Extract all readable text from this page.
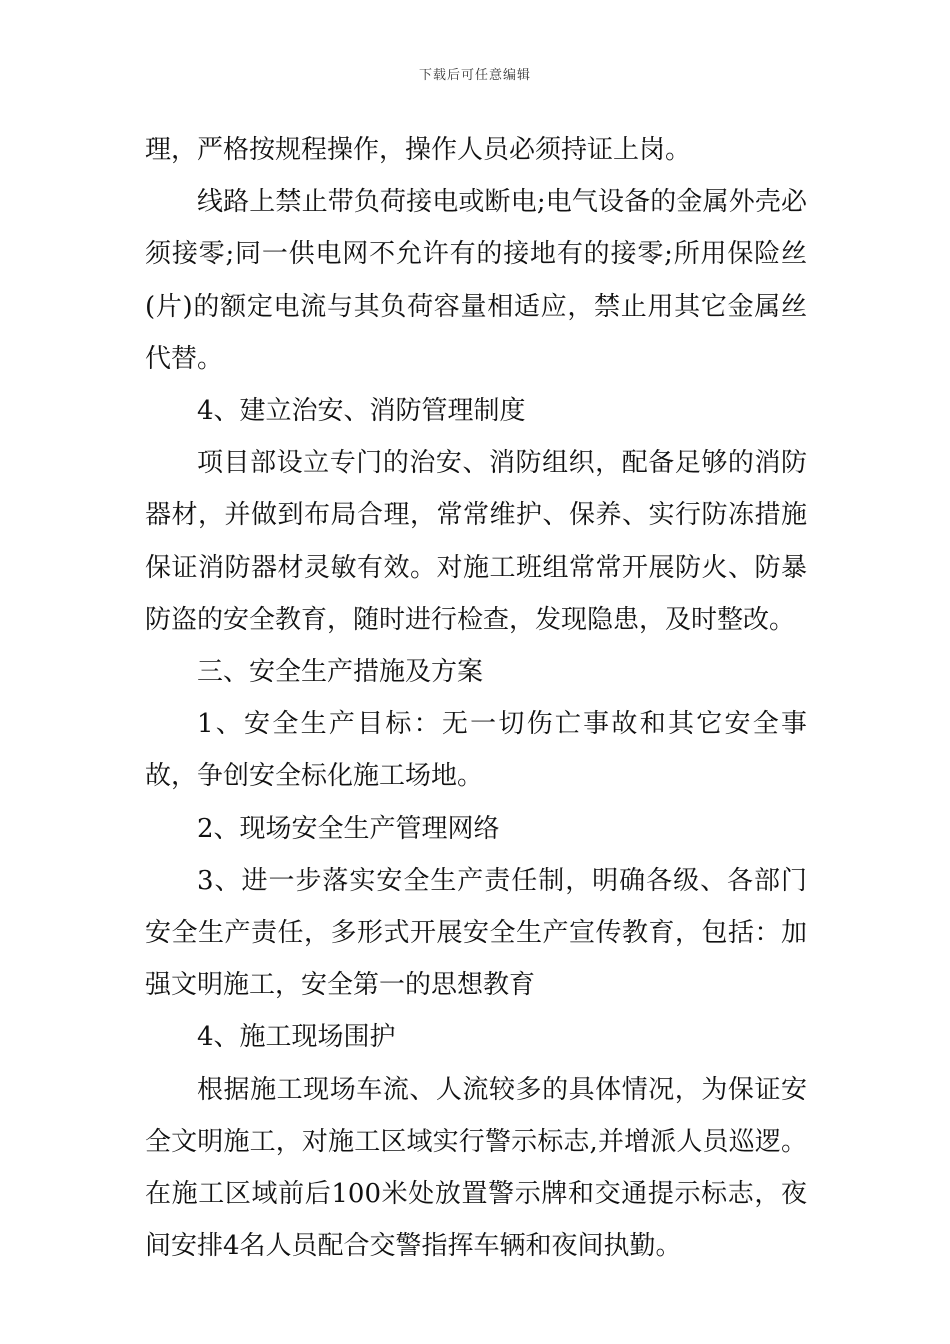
下载后可任意编辑

理，严格按规程操作，操作人员必须持证上岗。

线路上禁止带负荷接电或断电;电气设备的金属外壳必须接零;同一供电网不允许有的接地有的接零;所用保险丝(片)的额定电流与其负荷容量相适应，禁止用其它金属丝代替。

4、建立治安、消防管理制度

项目部设立专门的治安、消防组织，配备足够的消防器材，并做到布局合理，常常维护、保养、实行防冻措施保证消防器材灵敏有效。对施工班组常常开展防火、防暴防盗的安全教育，随时进行检查，发现隐患，及时整改。

三、安全生产措施及方案

1、安全生产目标：无一切伤亡事故和其它安全事故，争创安全标化施工场地。

2、现场安全生产管理网络

3、进一步落实安全生产责任制，明确各级、各部门安全生产责任，多形式开展安全生产宣传教育，包括：加强文明施工，安全第一的思想教育

4、施工现场围护

根据施工现场车流、人流较多的具体情况，为保证安全文明施工，对施工区域实行警示标志,并增派人员巡逻。在施工区域前后100米处放置警示牌和交通提示标志，夜间安排4名人员配合交警指挥车辆和夜间执勤。
